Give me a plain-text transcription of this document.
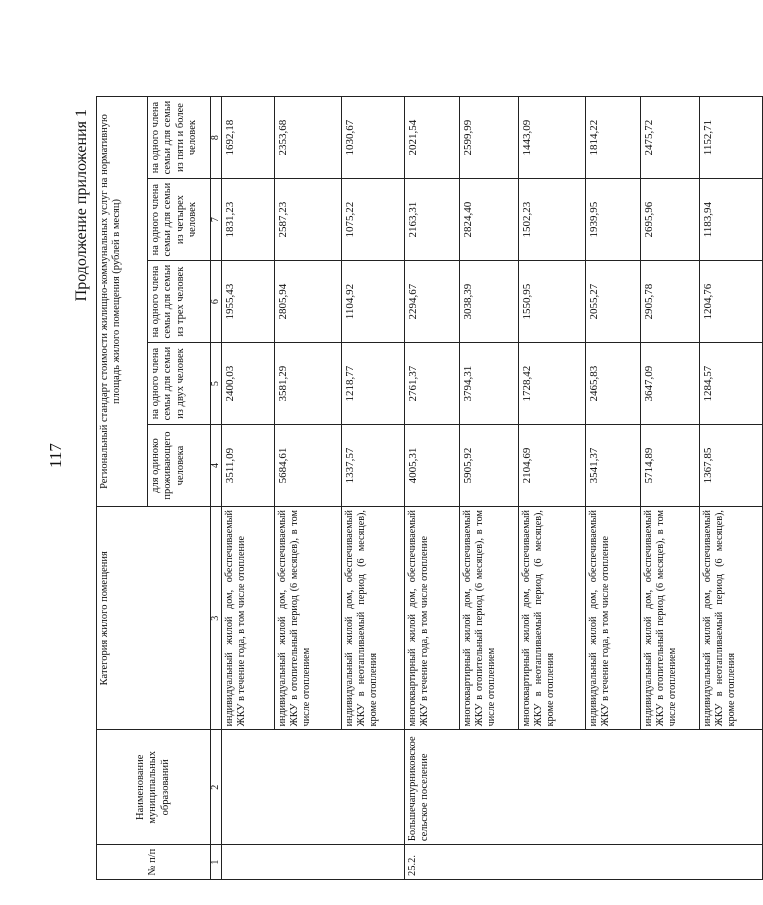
117
Продолжение приложения 1
№ п/п	Наименование муниципальных образований	Категория жилого помещения	Региональный стандарт стоимости жилищно-коммунальных услуг на нормативную площадь жилого помещения (рублей в месяц)				
			для одиноко проживающего человека	на одного члена семьи для семьи из двух человек	на одного члена семьи для семьи из трех человек	на одного члена семьи для семьи из четырех человек	на одного члена семьи для семьи из пяти и более человек
1	2	3	4	5	6	7	8
		индивидуальный жилой дом, обеспечиваемый ЖКУ в течение года, в том числе отопление	3511,09	2400,03	1955,43	1831,23	1692,18
		индивидуальный жилой дом, обеспечиваемый ЖКУ в отопительный период (6 месяцев), в том числе отоплением	5684,61	3581,29	2805,94	2587,23	2353,68
		индивидуальный жилой дом, обеспечиваемый ЖКУ в неотапливаемый период (6 месяцев), кроме отопления	1337,57	1218,77	1104,92	1075,22	1030,67
25.2.	Большечапурниковское сельское поселение	многоквартирный жилой дом, обеспечиваемый ЖКУ в течение года, в том числе отопление	4005,31	2761,37	2294,67	2163,31	2021,54
		многоквартирный жилой дом, обеспечиваемый ЖКУ в отопительный период (6 месяцев), в том числе отоплением	5905,92	3794,31	3038,39	2824,40	2599,99
		многоквартирный жилой дом, обеспечиваемый ЖКУ в неотапливаемый период (6 месяцев), кроме отопления	2104,69	1728,42	1550,95	1502,23	1443,09
		индивидуальный жилой дом, обеспечиваемый ЖКУ в течение года, в том числе отопление	3541,37	2465,83	2055,27	1939,95	1814,22
		индивидуальный жилой дом, обеспечиваемый ЖКУ в отопительный период (6 месяцев), в том числе отоплением	5714,89	3647,09	2905,78	2695,96	2475,72
		индивидуальный жилой дом, обеспечиваемый ЖКУ в неотапливаемый период (6 месяцев), кроме отопления	1367,85	1284,57	1204,76	1183,94	1152,71
